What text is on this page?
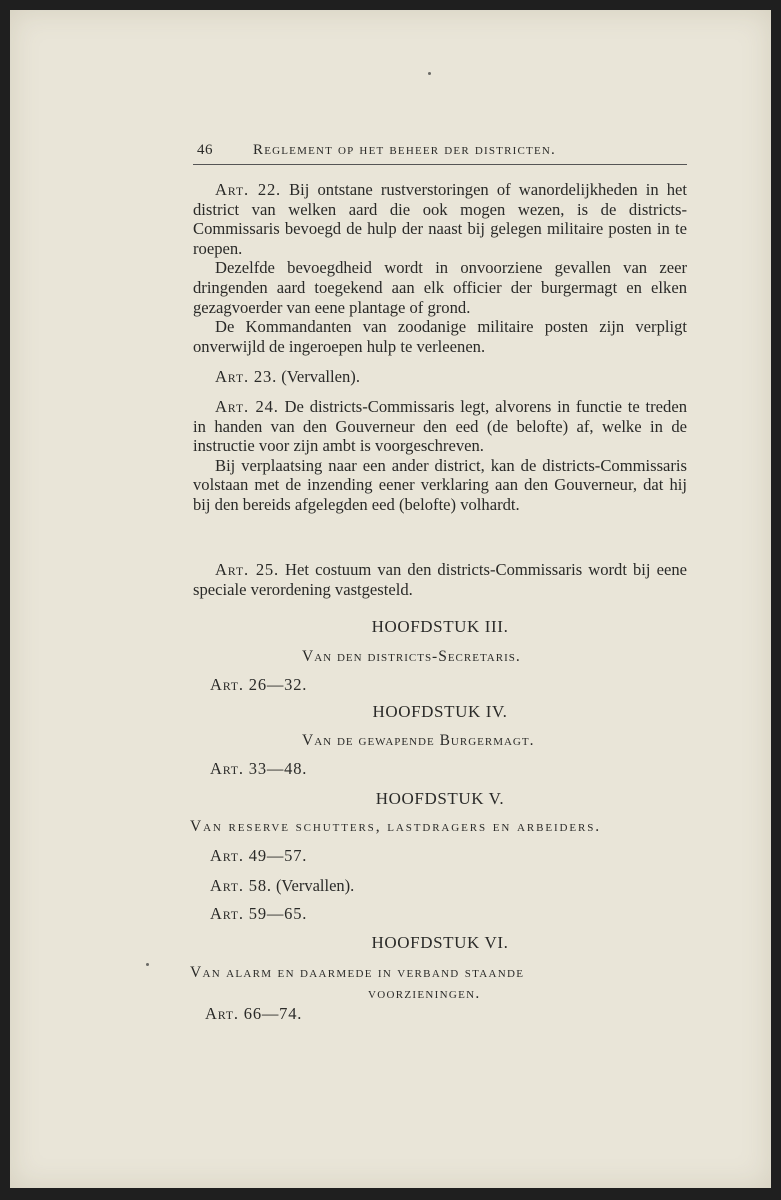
46	Reglement op het beheer der districten.
Art. 22. Bij ontstane rustverstoringen of wanordelijkheden in het district van welken aard die ook mogen wezen, is de districts-Commissaris bevoegd de hulp der naast bij gelegen militaire posten in te roepen.
Dezelfde bevoegdheid wordt in onvoorziene gevallen van zeer dringenden aard toegekend aan elk officier der burgermagt en elken gezagvoerder van eene plantage of grond.
De Kommandanten van zoodanige militaire posten zijn verpligt onverwijld de ingeroepen hulp te verleenen.
Art. 23. (Vervallen).
Art. 24. De districts-Commissaris legt, alvorens in functie te treden in handen van den Gouverneur den eed (de belofte) af, welke in de instructie voor zijn ambt is voorgeschreven.
Bij verplaatsing naar een ander district, kan de districts-Commissaris volstaan met de inzending eener verklaring aan den Gouverneur, dat hij bij den bereids afgelegden eed (belofte) volhardt.
Art. 25. Het costuum van den districts-Commissaris wordt bij eene speciale verordening vastgesteld.

HOOFDSTUK III.

Van den districts-Secretaris.

Art. 26—32.

HOOFDSTUK IV.

Van de gewapende Burgermagt.

Art. 33—48.

HOOFDSTUK V.

Van reserve schutters, lastdragers en arbeiders.

Art. 49—57.

Art. 58. (Vervallen).

Art. 59—65.

HOOFDSTUK VI.

Van alarm en daarmede in verband staande

voorzieningen.

Art. 66—74.
